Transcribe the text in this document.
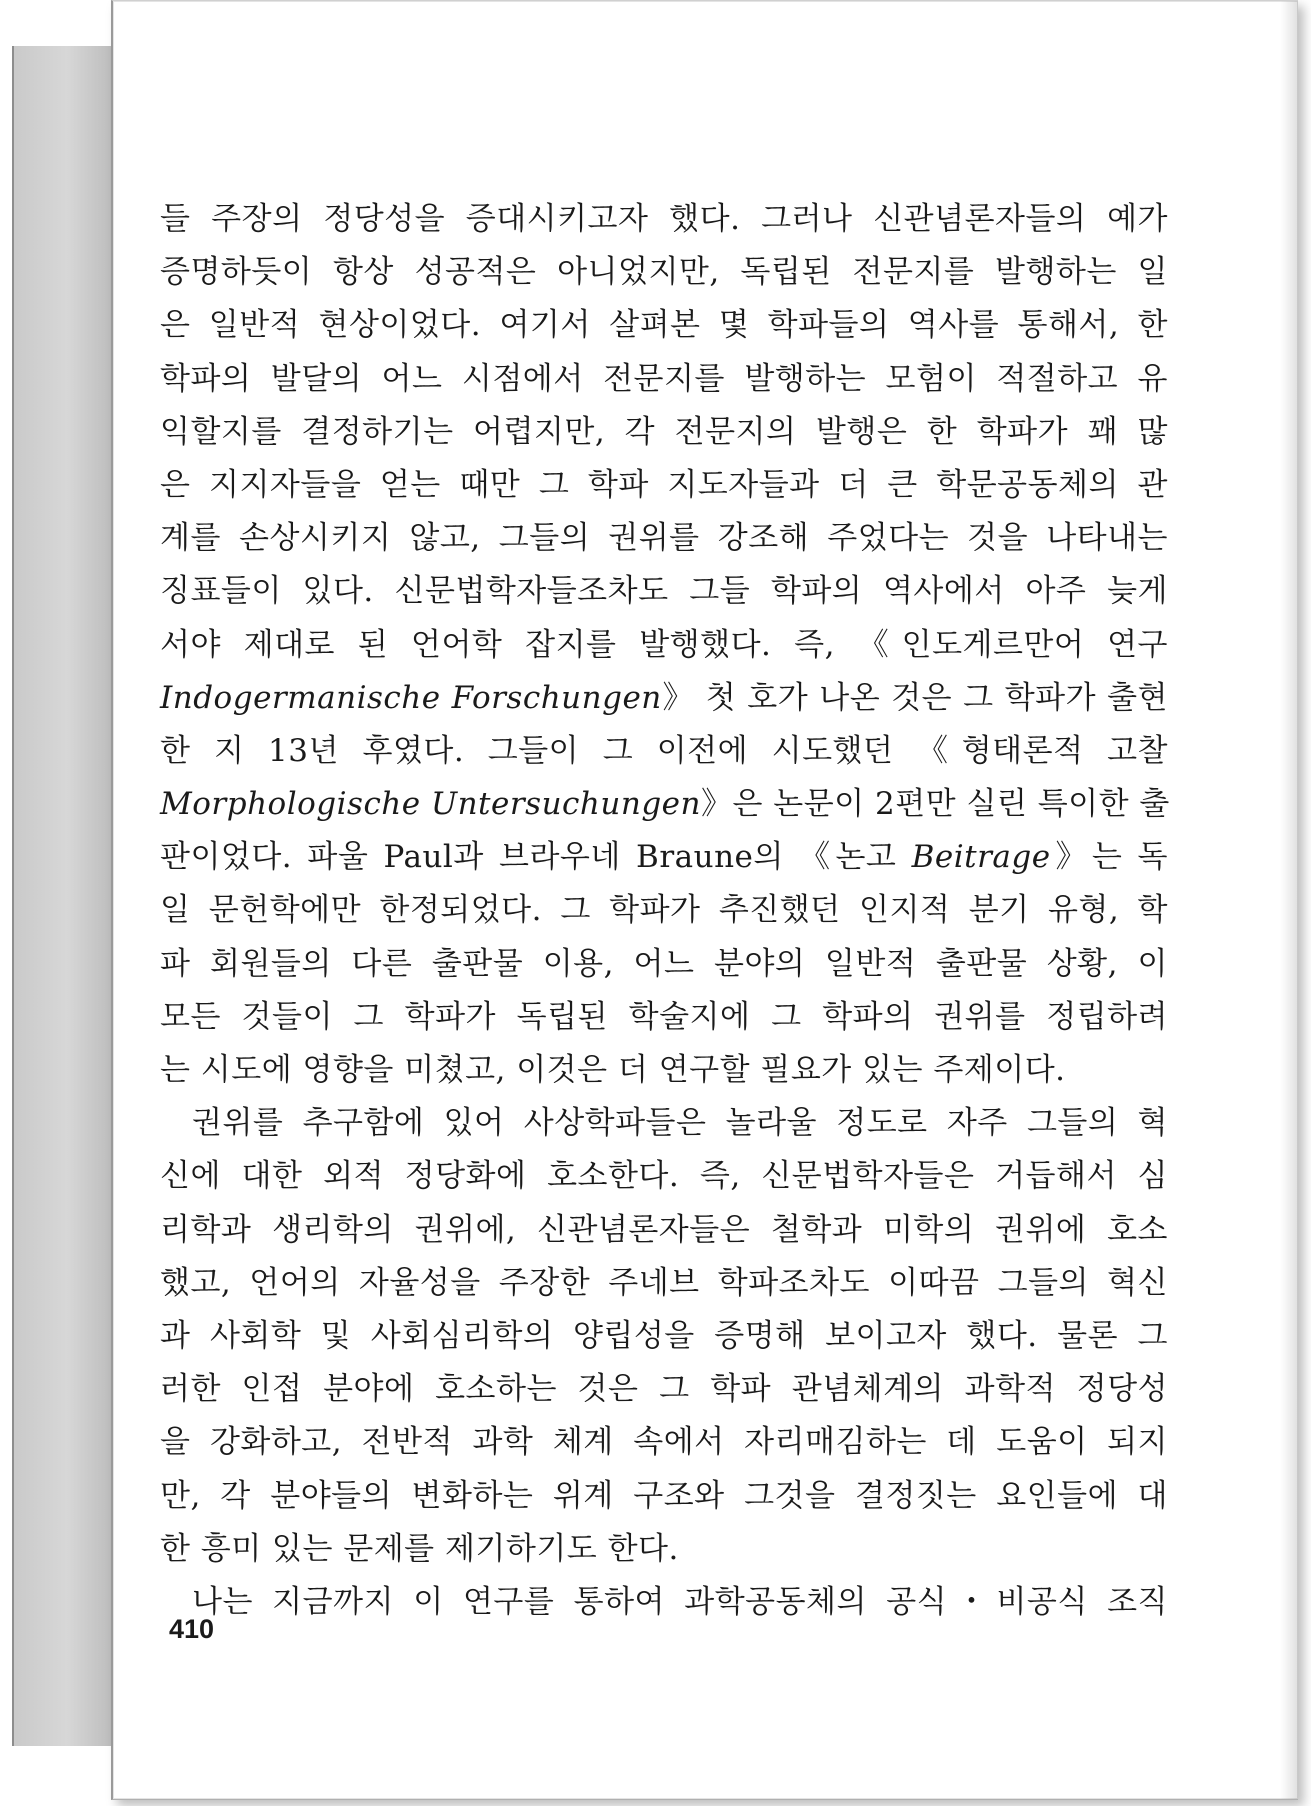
들 주장의 정당성을 증대시키고자 했다. 그러나 신관념론자들의 예가
증명하듯이 항상 성공적은 아니었지만, 독립된 전문지를 발행하는 일
은 일반적 현상이었다. 여기서 살펴본 몇 학파들의 역사를 통해서, 한
학파의 발달의 어느 시점에서 전문지를 발행하는 모험이 적절하고 유
익할지를 결정하기는 어렵지만, 각 전문지의 발행은 한 학파가 꽤 많
은 지지자들을 얻는 때만 그 학파 지도자들과 더 큰 학문공동체의 관
계를 손상시키지 않고, 그들의 권위를 강조해 주었다는 것을 나타내는
징표들이 있다. 신문법학자들조차도 그들 학파의 역사에서 아주 늦게
서야 제대로 된 언어학 잡지를 발행했다. 즉, 《인도게르만어 연구
Indogermanische Forschungen》 첫 호가 나온 것은 그 학파가 출현
한 지 13년 후였다. 그들이 그 이전에 시도했던 《형태론적 고찰
Morphologische Untersuchungen》은 논문이 2편만 실린 특이한 출
판이었다. 파울 Paul과 브라우네 Braune의 《논고 Beitrage》는 독
일 문헌학에만 한정되었다. 그 학파가 추진했던 인지적 분기 유형, 학
파 회원들의 다른 출판물 이용, 어느 분야의 일반적 출판물 상황, 이
모든 것들이 그 학파가 독립된 학술지에 그 학파의 권위를 정립하려
는 시도에 영향을 미쳤고, 이것은 더 연구할 필요가 있는 주제이다.
권위를 추구함에 있어 사상학파들은 놀라울 정도로 자주 그들의 혁
신에 대한 외적 정당화에 호소한다. 즉, 신문법학자들은 거듭해서 심
리학과 생리학의 권위에, 신관념론자들은 철학과 미학의 권위에 호소
했고, 언어의 자율성을 주장한 주네브 학파조차도 이따끔 그들의 혁신
과 사회학 및 사회심리학의 양립성을 증명해 보이고자 했다. 물론 그
러한 인접 분야에 호소하는 것은 그 학파 관념체계의 과학적 정당성
을 강화하고, 전반적 과학 체계 속에서 자리매김하는 데 도움이 되지
만, 각 분야들의 변화하는 위계 구조와 그것을 결정짓는 요인들에 대
한 흥미 있는 문제를 제기하기도 한다.
나는 지금까지 이 연구를 통하여 과학공동체의 공식・비공식 조직
410
